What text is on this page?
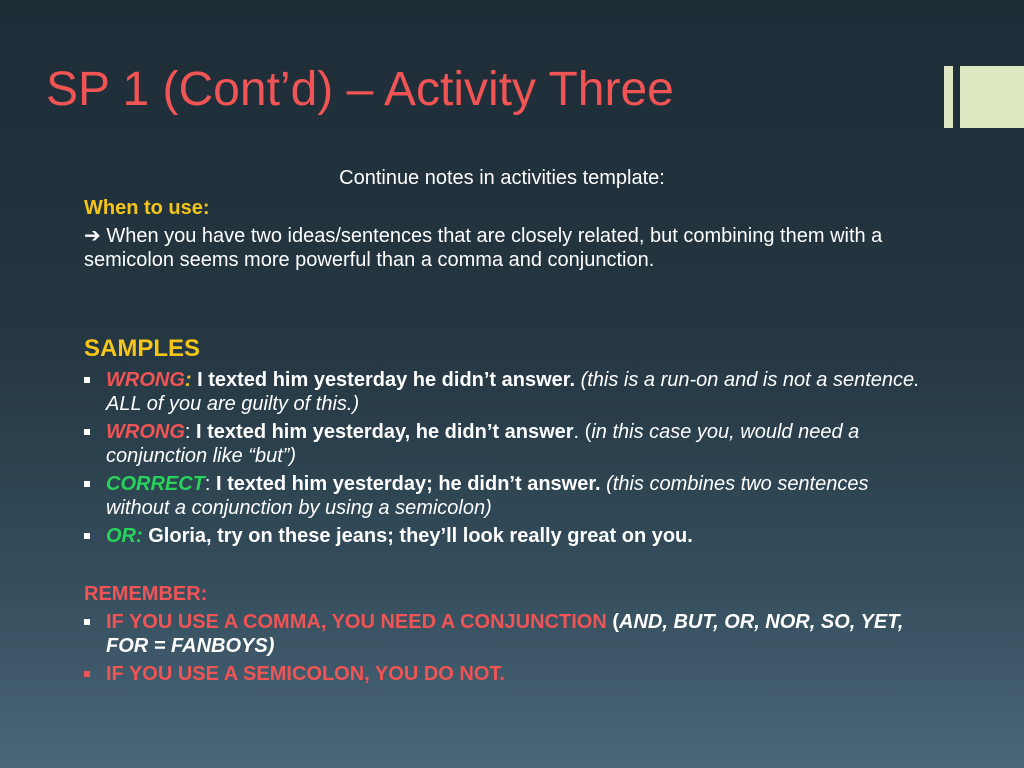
SP 1 (Cont’d) – Activity Three
Continue notes in activities template:
When to use:
➔ When you have two ideas/sentences that are closely related, but combining them with a semicolon seems more powerful than a comma and conjunction.
SAMPLES
WRONG: I texted him yesterday he didn’t answer. (this is a run-on and is not a sentence. ALL of you are guilty of this.)
WRONG: I texted him yesterday, he didn’t answer. (in this case you, would need a conjunction like “but”)
CORRECT: I texted him yesterday; he didn’t answer. (this combines two sentences without a conjunction by using a semicolon)
OR: Gloria, try on these jeans; they’ll look really great on you.
REMEMBER:
IF YOU USE A COMMA, YOU NEED A CONJUNCTION (AND, BUT, OR, NOR, SO, YET, FOR = FANBOYS)
IF YOU USE A SEMICOLON, YOU DO NOT.
